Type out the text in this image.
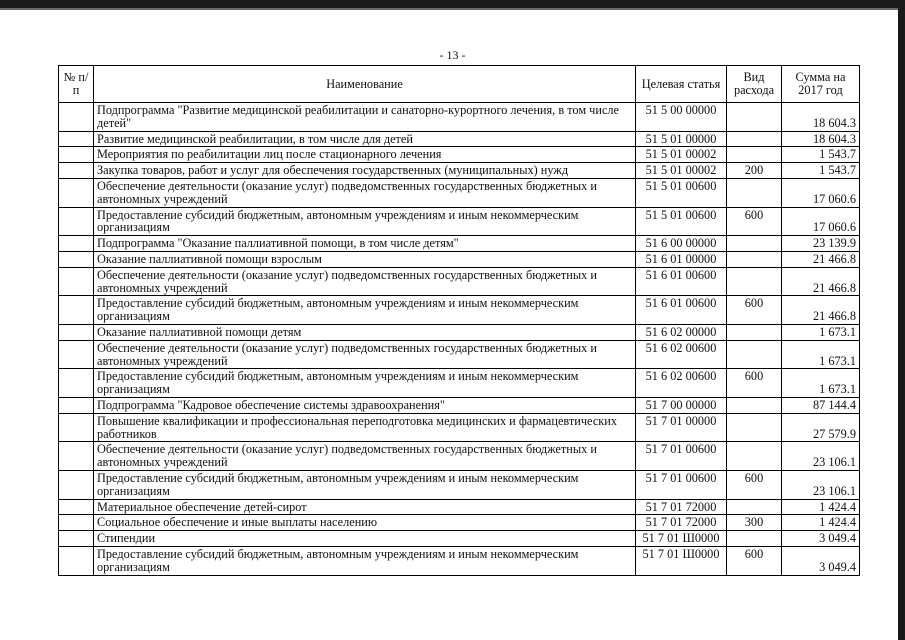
- 13 -
№ п/п	Наименование	Целевая статья	Вид расхода	Сумма на 2017 год
	Подпрограмма "Развитие медицинской реабилитации и санаторно-курортного лечения, в том числе детей"	51 5 00 00000		18 604.3
	Развитие медицинской реабилитации, в том числе для детей	51 5 01 00000		18 604.3
	Мероприятия по реабилитации лиц после стационарного лечения	51 5 01 00002		1 543.7
	Закупка товаров, работ и услуг для обеспечения государственных (муниципальных) нужд	51 5 01 00002	200	1 543.7
	Обеспечение деятельности (оказание услуг) подведомственных государственных бюджетных и автономных учреждений	51 5 01 00600		17 060.6
	Предоставление субсидий бюджетным, автономным учреждениям и иным некоммерческим организациям	51 5 01 00600	600	17 060.6
	Подпрограмма "Оказание паллиативной помощи, в том числе детям"	51 6 00 00000		23 139.9
	Оказание паллиативной помощи взрослым	51 6 01 00000		21 466.8
	Обеспечение деятельности (оказание услуг) подведомственных государственных бюджетных и автономных учреждений	51 6 01 00600		21 466.8
	Предоставление субсидий бюджетным, автономным учреждениям и иным некоммерческим организациям	51 6 01 00600	600	21 466.8
	Оказание паллиативной помощи детям	51 6 02 00000		1 673.1
	Обеспечение деятельности (оказание услуг) подведомственных государственных бюджетных и автономных учреждений	51 6 02 00600		1 673.1
	Предоставление субсидий бюджетным, автономным учреждениям и иным некоммерческим организациям	51 6 02 00600	600	1 673.1
	Подпрограмма "Кадровое обеспечение системы здравоохранения"	51 7 00 00000		87 144.4
	Повышение квалификации и профессиональная переподготовка медицинских и фармацевтических работников	51 7 01 00000		27 579.9
	Обеспечение деятельности (оказание услуг) подведомственных государственных бюджетных и автономных учреждений	51 7 01 00600		23 106.1
	Предоставление субсидий бюджетным, автономным учреждениям и иным некоммерческим организациям	51 7 01 00600	600	23 106.1
	Материальное обеспечение детей-сирот	51 7 01 72000		1 424.4
	Социальное обеспечение и иные выплаты населению	51 7 01 72000	300	1 424.4
	Стипендии	51 7 01 Ш0000		3 049.4
	Предоставление субсидий бюджетным, автономным учреждениям и иным некоммерческим организациям	51 7 01 Ш0000	600	3 049.4
